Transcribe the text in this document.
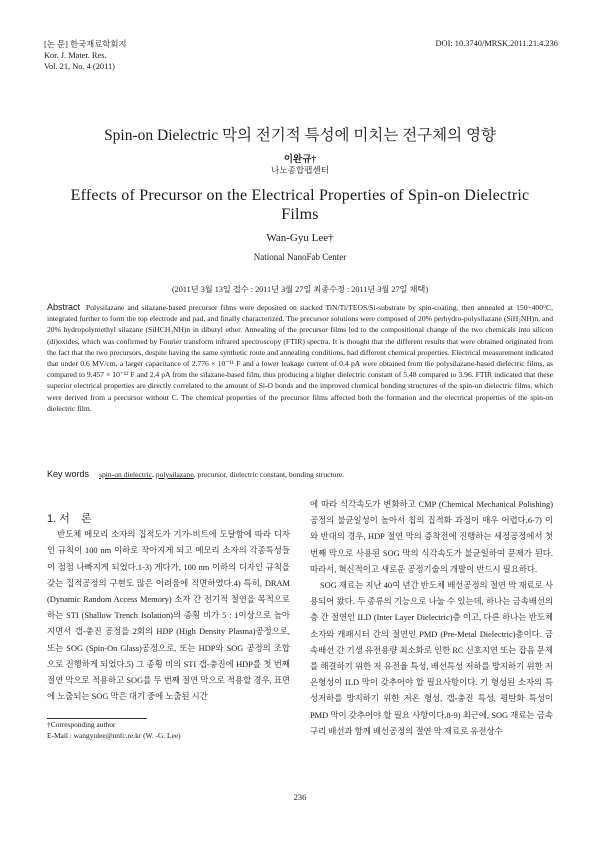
[논 문] 한국재료학회지
Kor. J. Mater. Res.
Vol. 21, No. 4 (2011)
DOI: 10.3740/MRSK.2011.21.4.236
Spin-on Dielectric 막의 전기적 특성에 미치는 전구체의 영향
이완규†
나노종합팹센터
Effects of Precursor on the Electrical Properties of Spin-on Dielectric Films
Wan-Gyu Lee†
National NanoFab Center
(2011년 3월 13일 접수 : 2011년 3월 27일 최종수정 : 2011년 3월 27일 채택)
Abstract Polysilazane and silazane-based precursor films were deposited on stacked TiN/Ti/TEOS/Si-substrate by spin-coating, then annealed at 150~400°C, integrated further to form the top electrode and pad, and finally characterized. The precursor solutions were composed of 20% perhydro-polysilazane (SiH₂NH)n, and 20% hydropolymethyl silazane (SiHCH₃NH)n in dibutyl ether. Annealing of the precursor films led to the compositional change of the two chemicals into silicon (di)oxides, which was confirmed by Fourier transform infrared spectroscopy (FTIR) spectra. It is thought that the different results that were obtained originated from the fact that the two precursors, despite having the same synthetic route and annealing conditions, had different chemical properties. Electrical measurement indicated that under 0.6 MV/cm, a larger capacitance of 2.776 × 10⁻¹¹ F and a lower leakage current of 0.4 pA were obtained from the polysilazane-based dielectric films, as compared to 9.457 × 10⁻¹² F and 2.4 pA from the silazane-based film, thus producing a higher dielectric constant of 5.48 compared to 3.96. FTIR indicated that these superior electrical properties are directly correlated to the amount of Si-O bonds and the improved chemical bonding structures of the spin-on dielectric films, which were derived from a precursor without C. The chemical properties of the precursor films affected both the formation and the electrical properties of the spin-on dielectric film.
Key words spin-on dielectric, polysilazane, precursor, dielectric constant, bonding structure.

1. 서　론

반도체 메모리 소자의 집적도가 기가-비트에 도달함에 따라 디자인 규칙이 100 nm 이하로 작아지게 되고 메모리 소자의 각종특성들이 점점 나빠지게 되었다.1-3) 게다가, 100 nm 이하의 디자인 규칙을 갖는 집적공정의 구현도 많은 어려움에 직면하였다.4) 특히, DRAM (Dynamic Random Access Memory) 소자 간 전기적 절연을 목적으로 하는 STI (Shallow Trench Isolation)의 종횡 비가 5 : 1이상으로 높아지면서 갭-충진 공정을 2회의 HDP (High Density Plasma)공정으로, 또는 SOG (Spin-On Glass)공정으로, 또는 HDP와 SOG 공정의 조합으로 진행하게 되었다.5) 그 종횡 비의 STI 갭-충진에 HDP를 첫 번째 절연 막으로 적용하고 SOG를 두 번째 절연 막으로 적용할 경우, 표면에 노출되는 SOG 막은 대기 중에 노출된 시간

에 따라 식각속도가 변화하고 CMP (Chemical Mechanical Polishing)공정의 불균일성이 높아서 칩의 집적화 과정이 매우 어렵다.6-7) 이와 반대의 경우, HDP 절연 막의 증착전에 진행하는 세정공정에서 첫 번째 막으로 사용된 SOG 막의 식각속도가 불균일하여 문제가 된다. 따라서, 혁신적이고 새로운 공정기술의 개발이 반드시 필요하다.

SOG 재료는 지난 40여 년간 반도체 배선공정의 절연 막 재료로 사용되어 왔다. 두 종류의 기능으로 나눌 수 있는데, 하나는 금속배선의 층 간 절연인 ILD (Inter Layer Dielectric)층 이고, 다른 하나는 반도체 소자와 캐패시터 간의 절연인 PMD (Pre-Metal Dielectric)층이다. 금속배선 간 기생 유전용량 최소화로 인한 RC 신호지연 또는 잡음 문제를 해결하기 위한 저 유전율 특성, 배선특성 저하를 방지하기 위한 저온형성이 ILD 막이 갖추어야 할 필요사항이다. 기 형성된 소자의 특성저하를 방지하기 위한 저온 형성, 갭-충진 특성, 평탄화 특성이 PMD 막이 갖추어야 할 필요 사항이다.8-9) 최근에, SOG 재료는 금속 구리 배선과 함께 배선공정의 절연 막 재료로 유전상수

†Corresponding author
E-Mail : wangyulee@nnfc.re.kr (W. -G. Lee)
236
